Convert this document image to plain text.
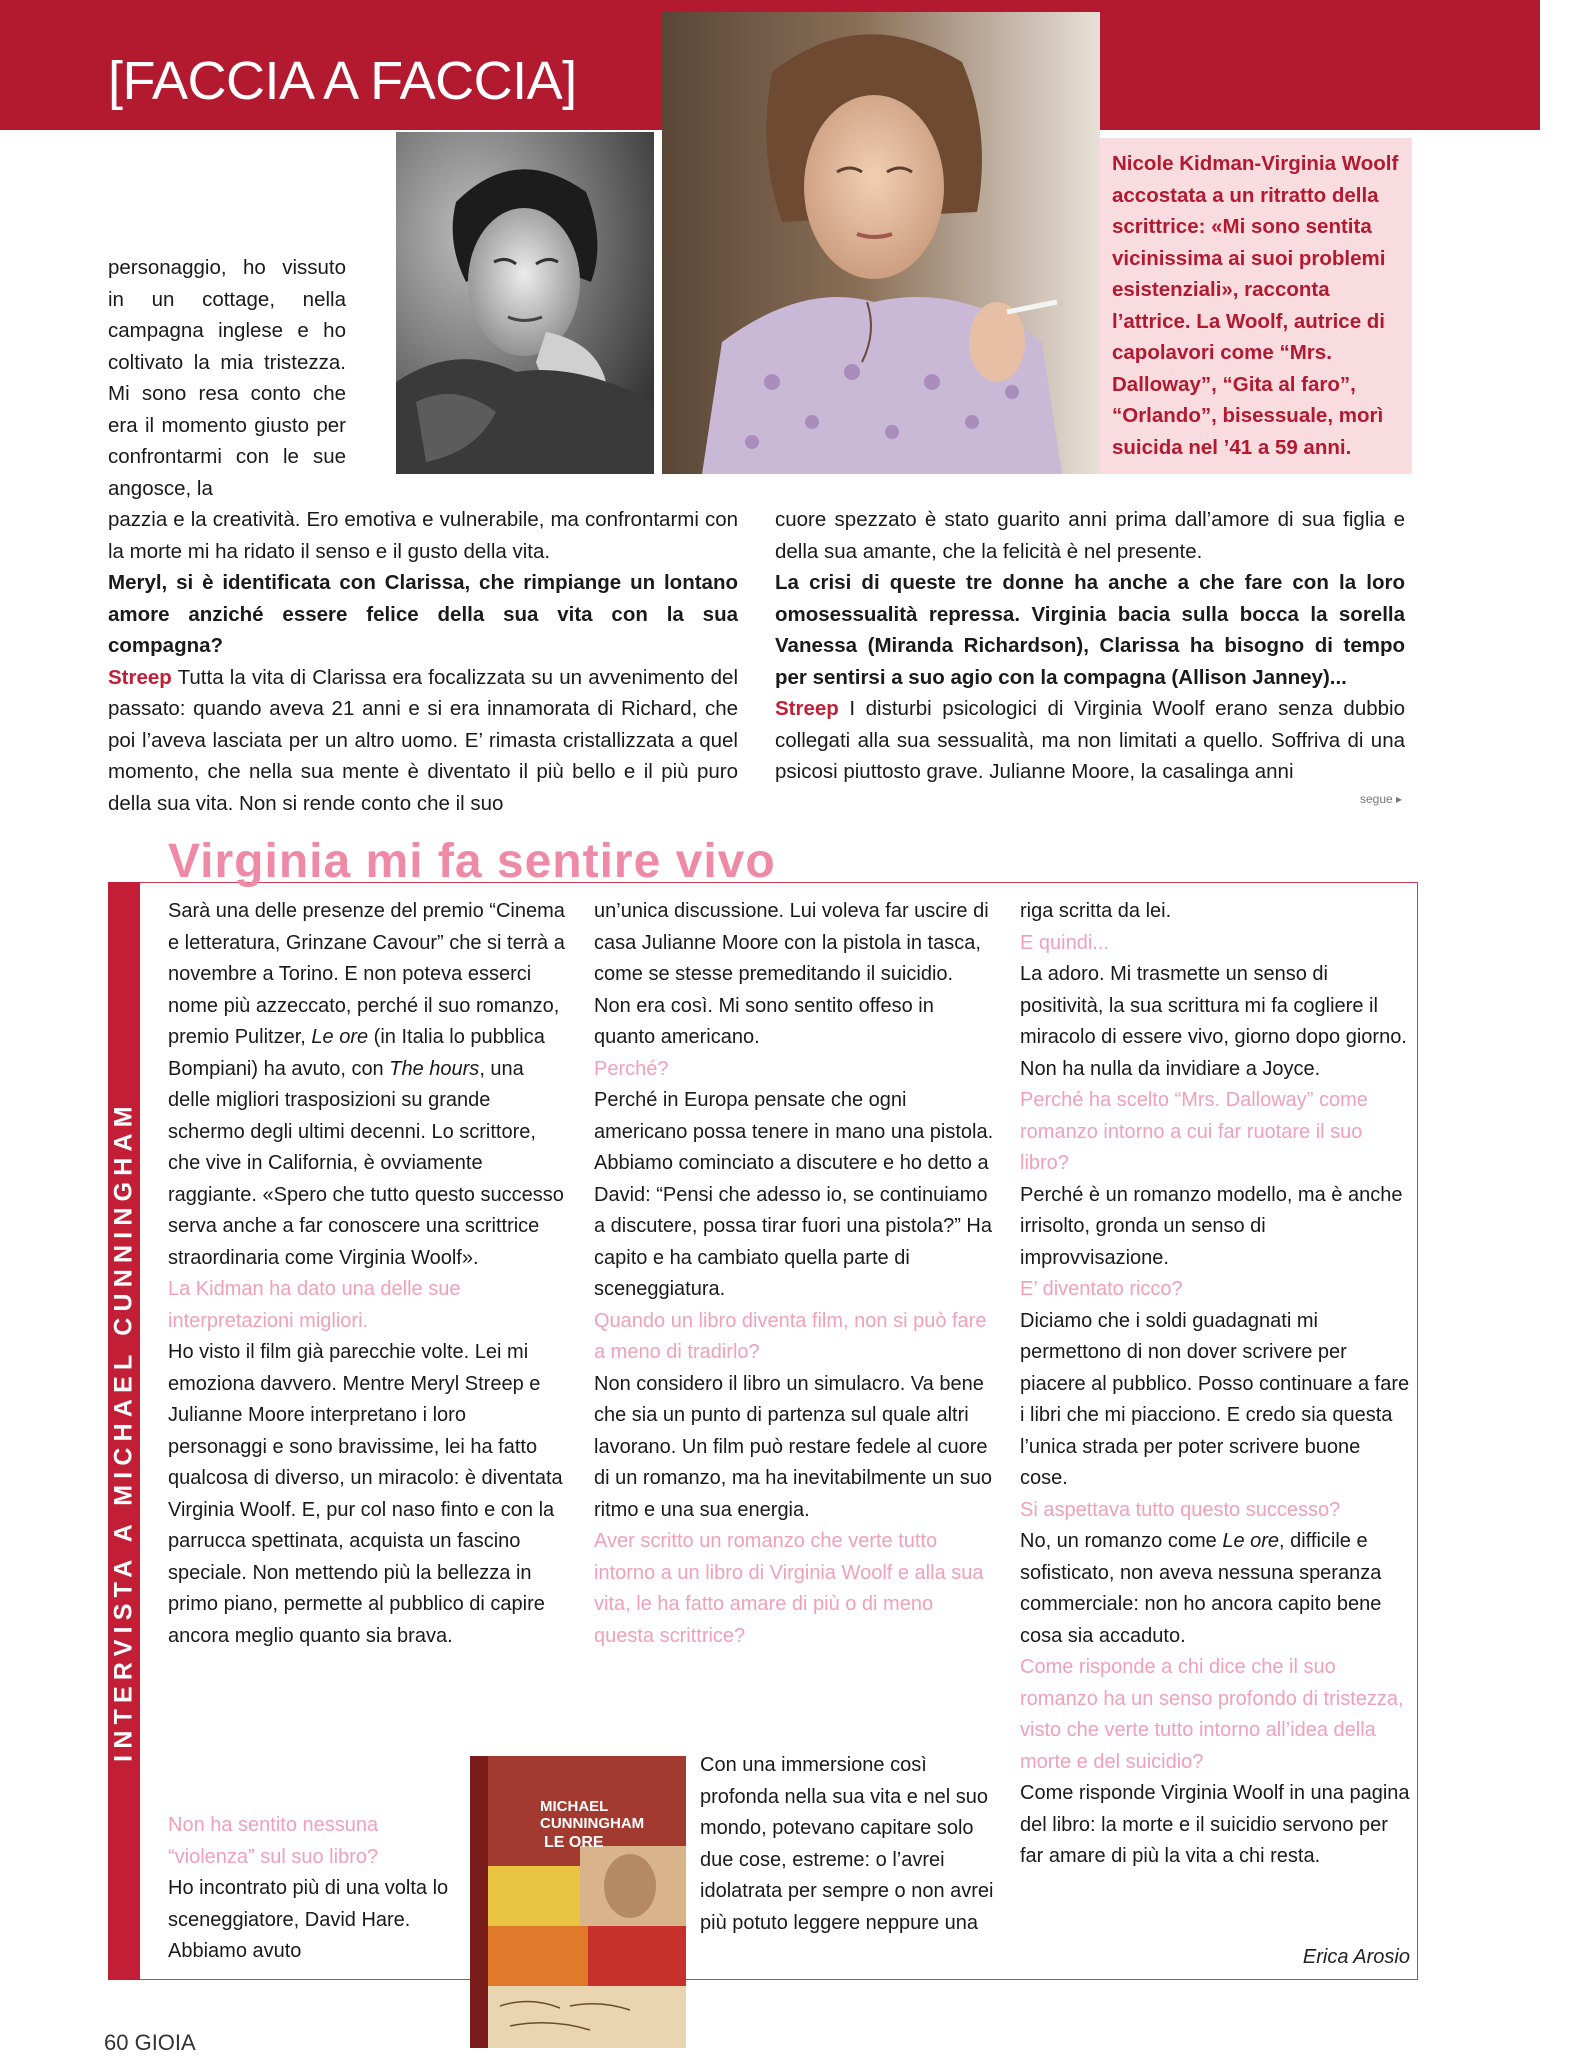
[FACCIA A FACCIA]
Nicole Kidman-Virginia Woolf accostata a un ritratto della scrittrice: «Mi sono sentita vicinissima ai suoi problemi esistenziali», racconta l’attrice. La Woolf, autrice di capolavori come “Mrs. Dalloway”, “Gita al faro”, “Orlando”, bisessuale, morì suicida nel ’41 a 59 anni.
personaggio, ho vissuto in un cottage, nella campagna inglese e ho coltivato la mia tristezza. Mi sono resa conto che era il momento giusto per confrontarmi con le sue angosce, la
pazzia e la creatività. Ero emotiva e vulnerabile, ma confrontarmi con la morte mi ha ridato il senso e il gusto della vita.
Meryl, si è identificata con Clarissa, che rimpiange un lontano amore anziché essere felice della sua vita con la sua compagna?
Streep Tutta la vita di Clarissa era focalizzata su un avvenimento del passato: quando aveva 21 anni e si era innamorata di Richard, che poi l’aveva lasciata per un altro uomo. E’ rimasta cristallizzata a quel momento, che nella sua mente è diventato il più bello e il più puro della sua vita. Non si rende conto che il suo
cuore spezzato è stato guarito anni prima dall’amore di sua figlia e della sua amante, che la felicità è nel presente.
La crisi di queste tre donne ha anche a che fare con la loro omosessualità repressa. Virginia bacia sulla bocca la sorella Vanessa (Miranda Richardson), Clarissa ha bisogno di tempo per sentirsi a suo agio con la compagna (Allison Janney)...
Streep I disturbi psicologici di Virginia Woolf erano senza dubbio collegati alla sua sessualità, ma non limitati a quello. Soffriva di una psicosi piuttosto grave. Julianne Moore, la casalinga anni
segue ▸
INTERVISTA A MICHAEL CUNNINGHAM
Virginia mi fa sentire vivo
Sarà una delle presenze del premio “Cinema e letteratura, Grinzane Cavour” che si terrà a novembre a Torino. E non poteva esserci nome più azzeccato, perché il suo romanzo, premio Pulitzer, Le ore (in Italia lo pubblica Bompiani) ha avuto, con The hours, una delle migliori trasposizioni su grande schermo degli ultimi decenni. Lo scrittore, che vive in California, è ovviamente raggiante. «Spero che tutto questo successo serva anche a far conoscere una scrittrice straordinaria come Virginia Woolf».
La Kidman ha dato una delle sue interpretazioni migliori.
Ho visto il film già parecchie volte. Lei mi emoziona davvero. Mentre Meryl Streep e Julianne Moore interpretano i loro personaggi e sono bravissime, lei ha fatto qualcosa di diverso, un miracolo: è diventata Virginia Woolf. E, pur col naso finto e con la parrucca spettinata, acquista un fascino speciale. Non mettendo più la bellezza in primo piano, permette al pubblico di capire ancora meglio quanto sia brava.
Non ha sentito nessuna “violenza” sul suo libro?
Ho incontrato più di una volta lo sceneggiatore, David Hare. Abbiamo avuto
un’unica discussione. Lui voleva far uscire di casa Julianne Moore con la pistola in tasca, come se stesse premeditando il suicidio. Non era così. Mi sono sentito offeso in quanto americano.
Perché?
Perché in Europa pensate che ogni americano possa tenere in mano una pistola. Abbiamo cominciato a discutere e ho detto a David: “Pensi che adesso io, se continuiamo a discutere, possa tirar fuori una pistola?” Ha capito e ha cambiato quella parte di sceneggiatura.
Quando un libro diventa film, non si può fare a meno di tradirlo?
Non considero il libro un simulacro. Va bene che sia un punto di partenza sul quale altri lavorano. Un film può restare fedele al cuore di un romanzo, ma ha inevitabilmente un suo ritmo e una sua energia.
Aver scritto un romanzo che verte tutto intorno a un libro di Virginia Woolf e alla sua vita, le ha fatto amare di più o di meno questa scrittrice?
Con una immersione così profonda nella sua vita e nel suo mondo, potevano capitare solo due cose, estreme: o l’avrei idolatrata per sempre o non avrei più potuto leggere neppure una
riga scritta da lei.
E quindi...
La adoro. Mi trasmette un senso di positività, la sua scrittura mi fa cogliere il miracolo di essere vivo, giorno dopo giorno. Non ha nulla da invidiare a Joyce.
Perché ha scelto “Mrs. Dalloway” come romanzo intorno a cui far ruotare il suo libro?
Perché è un romanzo modello, ma è anche irrisolto, gronda un senso di improvvisazione.
E’ diventato ricco?
Diciamo che i soldi guadagnati mi permettono di non dover scrivere per piacere al pubblico. Posso continuare a fare i libri che mi piacciono. E credo sia questa l’unica strada per poter scrivere buone cose.
Si aspettava tutto questo successo?
No, un romanzo come Le ore, difficile e sofisticato, non aveva nessuna speranza commerciale: non ho ancora capito bene cosa sia accaduto.
Come risponde a chi dice che il suo romanzo ha un senso profondo di tristezza, visto che verte tutto intorno all’idea della morte e del suicidio?
Come risponde Virginia Woolf in una pagina del libro: la morte e il suicidio servono per far amare di più la vita a chi resta.
Erica Arosio
MICHAEL CUNNINGHAM
LE ORE
60 GIOIA
